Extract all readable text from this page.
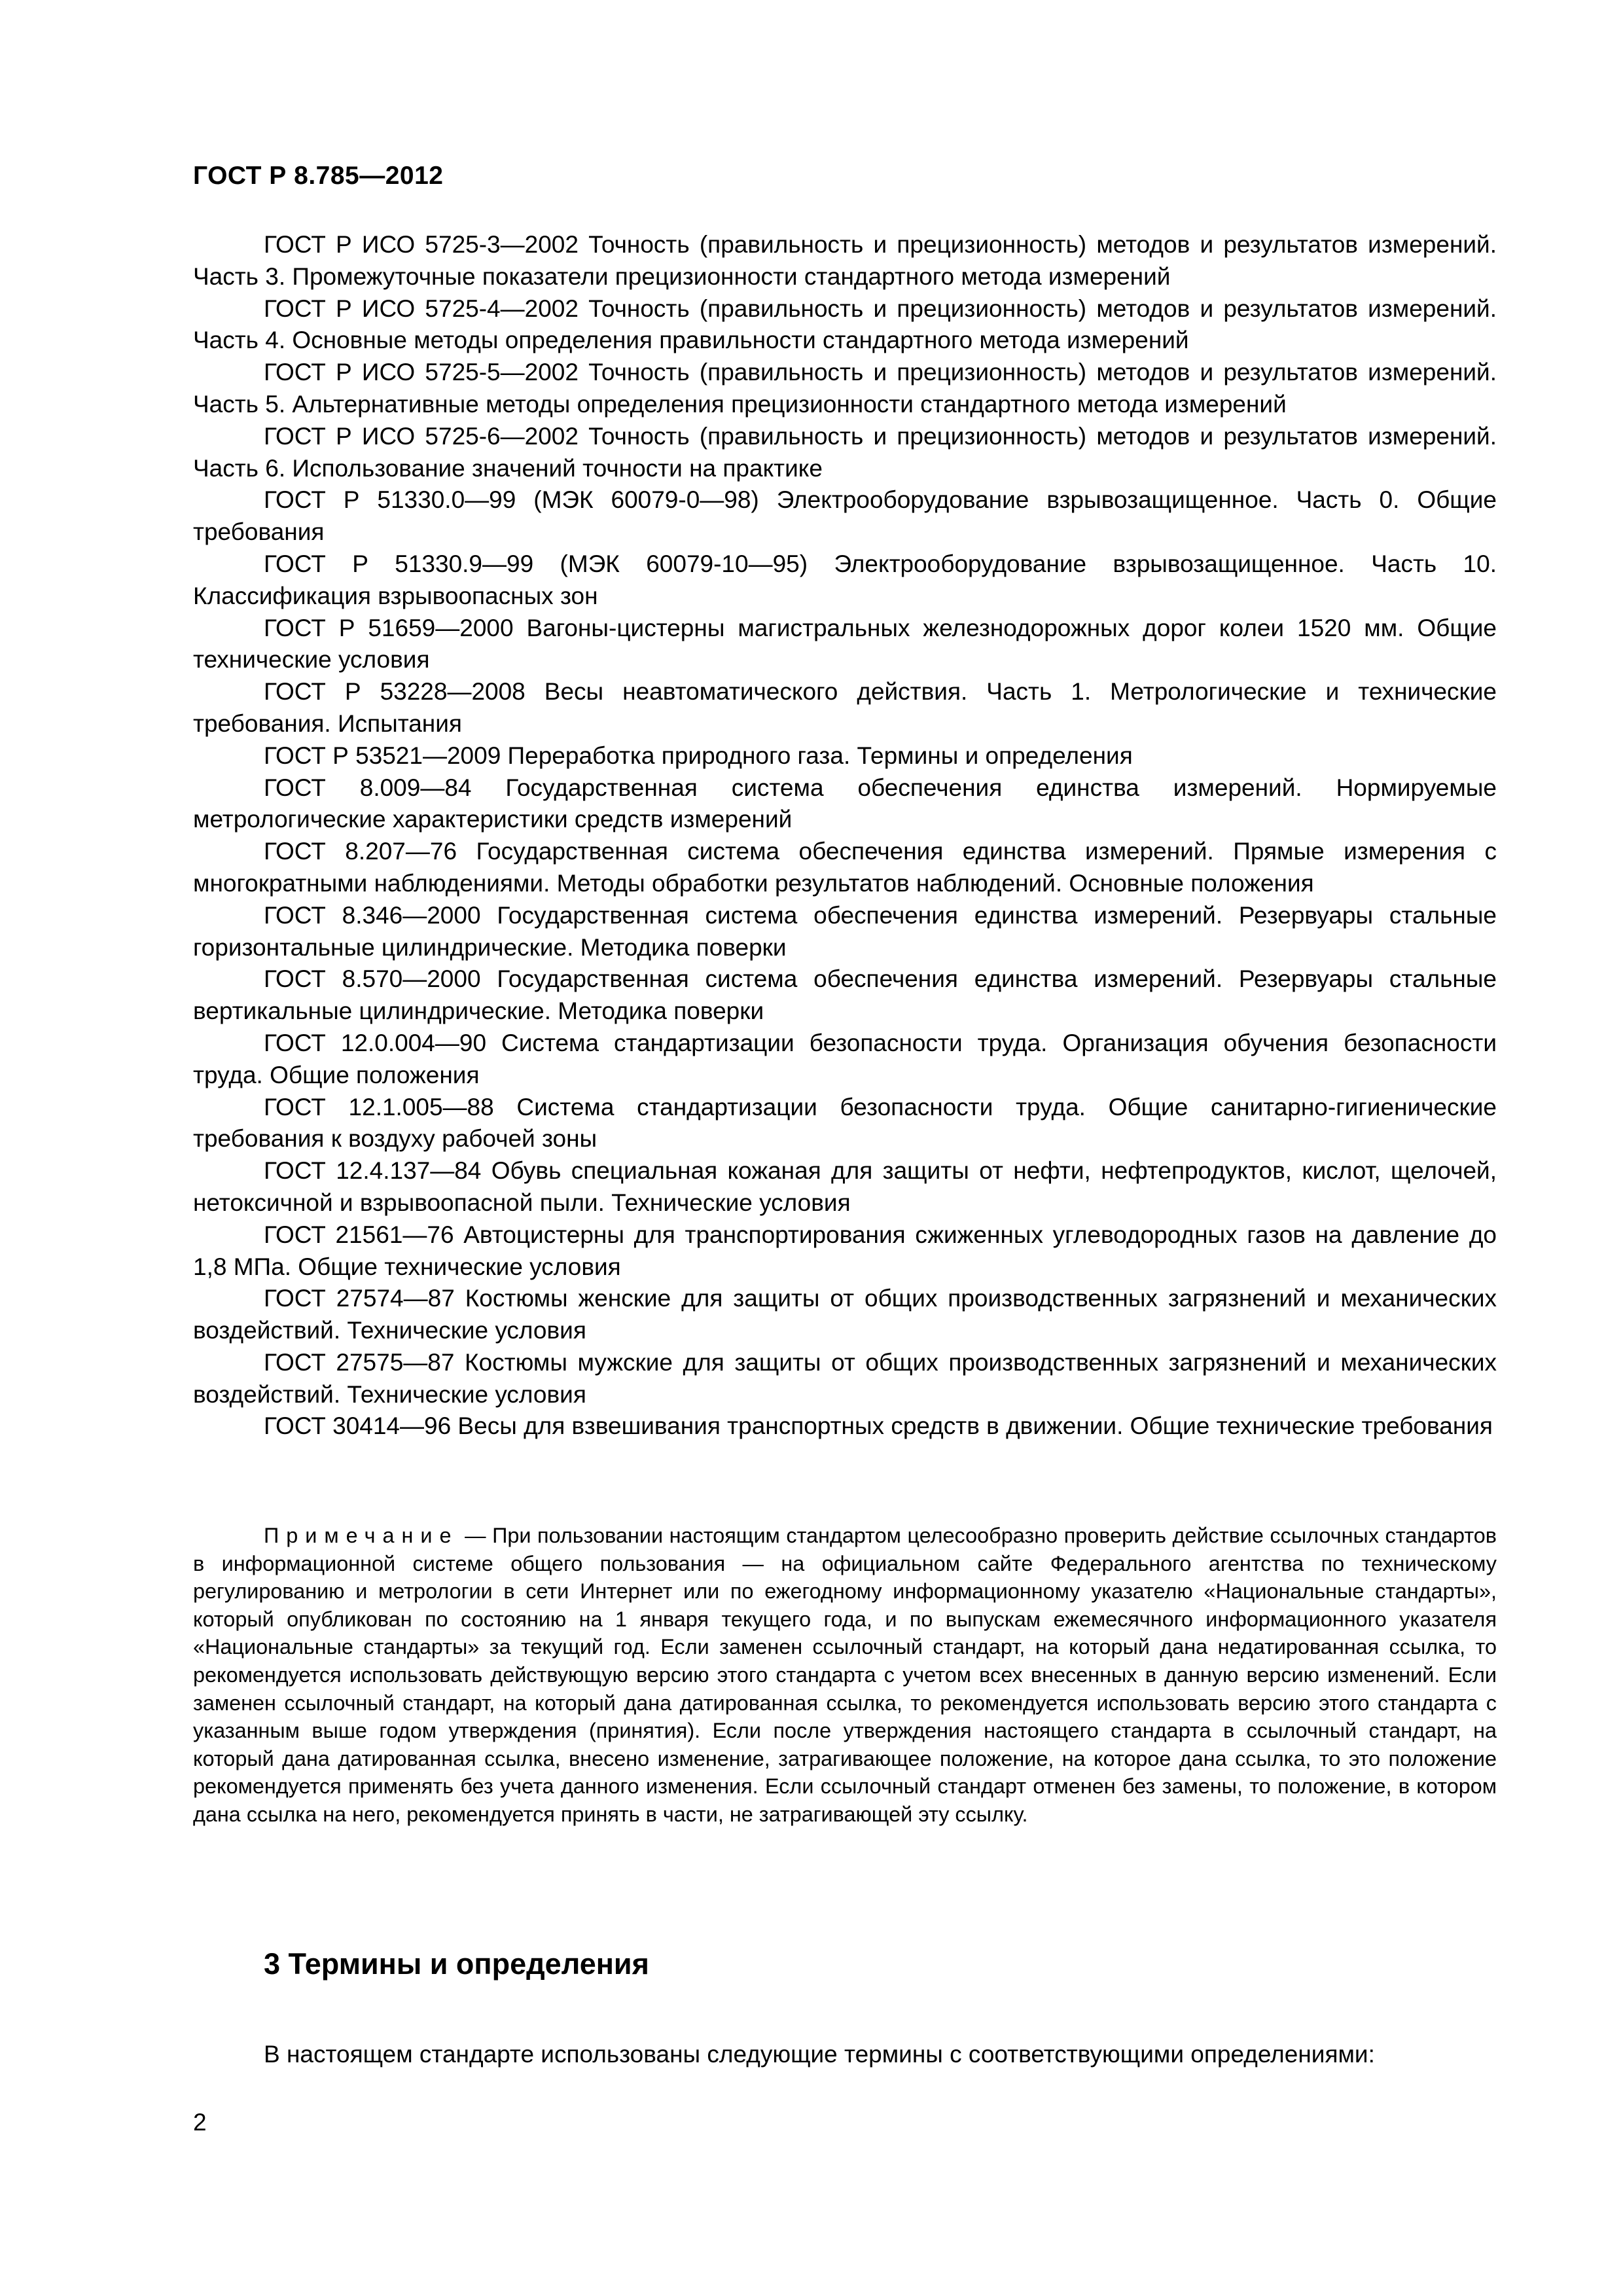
ГОСТ Р 8.785—2012

ГОСТ Р ИСО 5725-3—2002 Точность (правильность и прецизионность) методов и результатов измерений. Часть 3. Промежуточные показатели прецизионности стандартного метода измерений

ГОСТ Р ИСО 5725-4—2002 Точность (правильность и прецизионность) методов и результатов измерений. Часть 4. Основные методы определения правильности стандартного метода измерений

ГОСТ Р ИСО 5725-5—2002 Точность (правильность и прецизионность) методов и результатов измерений. Часть 5. Альтернативные методы определения прецизионности стандартного метода измерений

ГОСТ Р ИСО 5725-6—2002 Точность (правильность и прецизионность) методов и результатов измерений. Часть 6. Использование значений точности на практике

ГОСТ Р 51330.0—99 (МЭК 60079-0—98) Электрооборудование взрывозащищенное. Часть 0. Общие требования

ГОСТ Р 51330.9—99 (МЭК 60079-10—95) Электрооборудование взрывозащищенное. Часть 10. Классификация взрывоопасных зон

ГОСТ Р 51659—2000 Вагоны-цистерны магистральных железнодорожных дорог колеи 1520 мм. Общие технические условия

ГОСТ Р 53228—2008 Весы неавтоматического действия. Часть 1. Метрологические и технические требования. Испытания

ГОСТ Р 53521—2009 Переработка природного газа. Термины и определения

ГОСТ 8.009—84 Государственная система обеспечения единства измерений. Нормируемые метрологические характеристики средств измерений

ГОСТ 8.207—76 Государственная система обеспечения единства измерений. Прямые измерения с многократными наблюдениями. Методы обработки результатов наблюдений. Основные положения

ГОСТ 8.346—2000 Государственная система обеспечения единства измерений. Резервуары стальные горизонтальные цилиндрические. Методика поверки

ГОСТ 8.570—2000 Государственная система обеспечения единства измерений. Резервуары стальные вертикальные цилиндрические. Методика поверки

ГОСТ 12.0.004—90 Система стандартизации безопасности труда. Организация обучения безопасности труда. Общие положения

ГОСТ 12.1.005—88 Система стандартизации безопасности труда. Общие санитарно-гигиенические требования к воздуху рабочей зоны

ГОСТ 12.4.137—84 Обувь специальная кожаная для защиты от нефти, нефтепродуктов, кислот, щелочей, нетоксичной и взрывоопасной пыли. Технические условия

ГОСТ 21561—76 Автоцистерны для транспортирования сжиженных углеводородных газов на давление до 1,8 МПа. Общие технические условия

ГОСТ 27574—87 Костюмы женские для защиты от общих производственных загрязнений и механических воздействий. Технические условия

ГОСТ 27575—87 Костюмы мужские для защиты от общих производственных загрязнений и механических воздействий. Технические условия

ГОСТ 30414—96 Весы для взвешивания транспортных средств в движении. Общие технические требования

Примечание — При пользовании настоящим стандартом целесообразно проверить действие ссылочных стандартов в информационной системе общего пользования — на официальном сайте Федерального агентства по техническому регулированию и метрологии в сети Интернет или по ежегодному информационному указателю «Национальные стандарты», который опубликован по состоянию на 1 января текущего года, и по выпускам ежемесячного информационного указателя «Национальные стандарты» за текущий год. Если заменен ссылочный стандарт, на который дана недатированная ссылка, то рекомендуется использовать действующую версию этого стандарта с учетом всех внесенных в данную версию изменений. Если заменен ссылочный стандарт, на который дана датированная ссылка, то рекомендуется использовать версию этого стандарта с указанным выше годом утверждения (принятия). Если после утверждения настоящего стандарта в ссылочный стандарт, на который дана датированная ссылка, внесено изменение, затрагивающее положение, на которое дана ссылка, то это положение рекомендуется применять без учета данного изменения. Если ссылочный стандарт отменен без замены, то положение, в котором дана ссылка на него, рекомендуется принять в части, не затрагивающей эту ссылку.

3 Термины и определения

В настоящем стандарте использованы следующие термины с соответствующими определениями:

2
